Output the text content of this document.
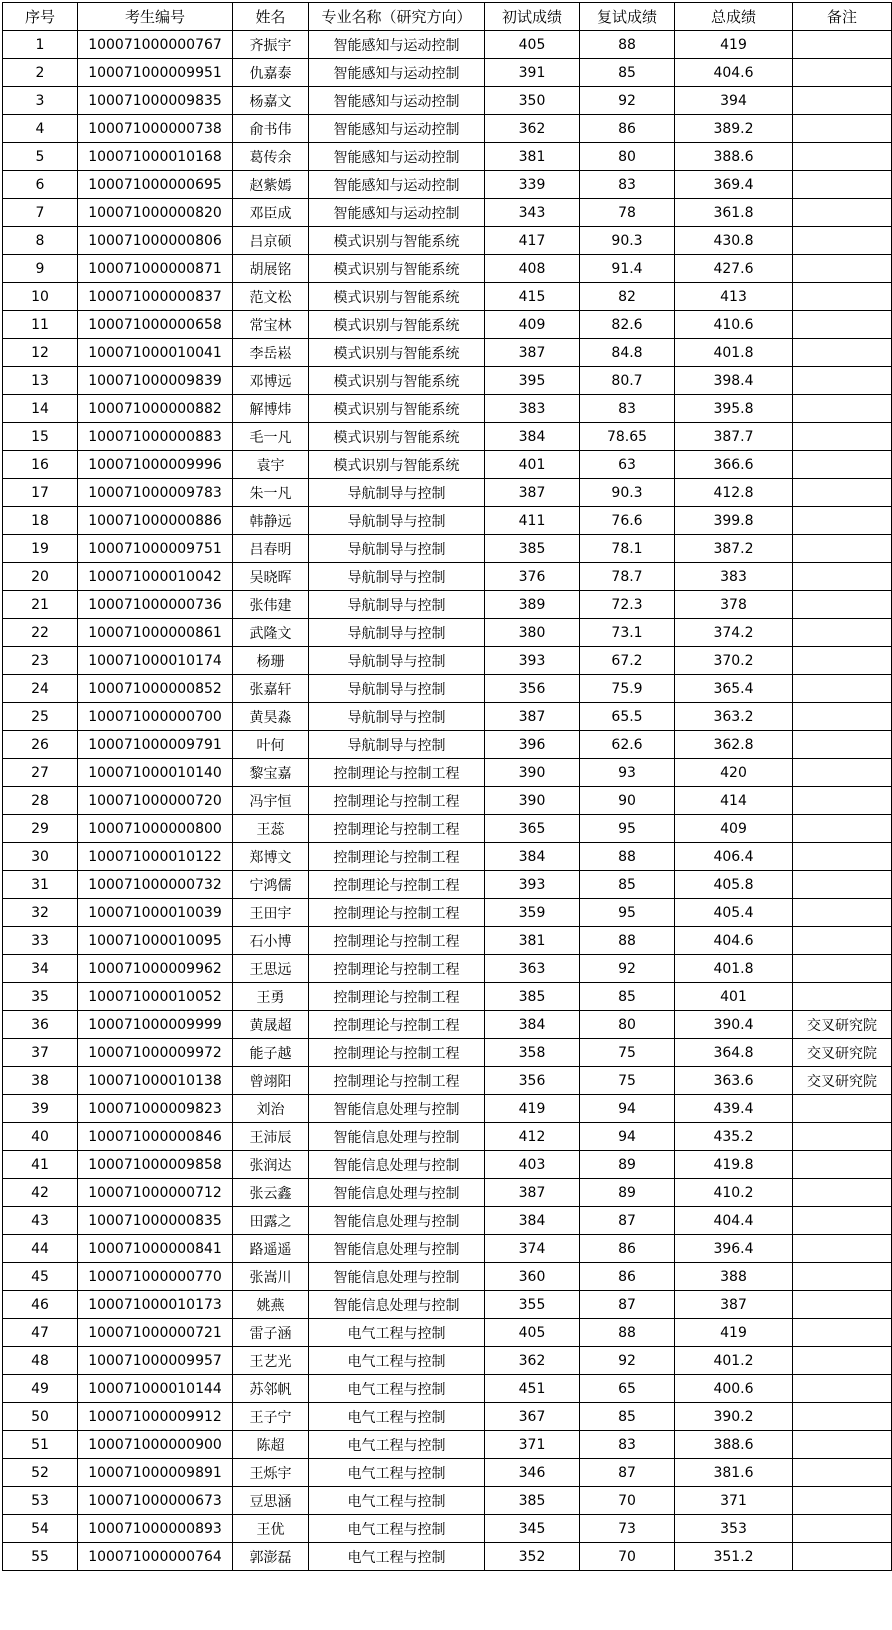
序号	考生编号	姓名	专业名称（研究方向）	初试成绩	复试成绩	总成绩	备注
1	100071000000767	齐振宇	智能感知与运动控制	405	88	419	
2	100071000009951	仇嘉泰	智能感知与运动控制	391	85	404.6	
3	100071000009835	杨嘉文	智能感知与运动控制	350	92	394	
4	100071000000738	俞书伟	智能感知与运动控制	362	86	389.2	
5	100071000010168	葛传余	智能感知与运动控制	381	80	388.6	
6	100071000000695	赵紫嫣	智能感知与运动控制	339	83	369.4	
7	100071000000820	邓臣成	智能感知与运动控制	343	78	361.8	
8	100071000000806	吕京硕	模式识别与智能系统	417	90.3	430.8	
9	100071000000871	胡展铭	模式识别与智能系统	408	91.4	427.6	
10	100071000000837	范文松	模式识别与智能系统	415	82	413	
11	100071000000658	常宝林	模式识别与智能系统	409	82.6	410.6	
12	100071000010041	李岳崧	模式识别与智能系统	387	84.8	401.8	
13	100071000009839	邓博远	模式识别与智能系统	395	80.7	398.4	
14	100071000000882	解博炜	模式识别与智能系统	383	83	395.8	
15	100071000000883	毛一凡	模式识别与智能系统	384	78.65	387.7	
16	100071000009996	袁宇	模式识别与智能系统	401	63	366.6	
17	100071000009783	朱一凡	导航制导与控制	387	90.3	412.8	
18	100071000000886	韩静远	导航制导与控制	411	76.6	399.8	
19	100071000009751	吕春明	导航制导与控制	385	78.1	387.2	
20	100071000010042	吴晓晖	导航制导与控制	376	78.7	383	
21	100071000000736	张伟建	导航制导与控制	389	72.3	378	
22	100071000000861	武隆文	导航制导与控制	380	73.1	374.2	
23	100071000010174	杨珊	导航制导与控制	393	67.2	370.2	
24	100071000000852	张嘉轩	导航制导与控制	356	75.9	365.4	
25	100071000000700	黄昊淼	导航制导与控制	387	65.5	363.2	
26	100071000009791	叶何	导航制导与控制	396	62.6	362.8	
27	100071000010140	黎宝嘉	控制理论与控制工程	390	93	420	
28	100071000000720	冯宇恒	控制理论与控制工程	390	90	414	
29	100071000000800	王蕊	控制理论与控制工程	365	95	409	
30	100071000010122	郑博文	控制理论与控制工程	384	88	406.4	
31	100071000000732	宁鸿儒	控制理论与控制工程	393	85	405.8	
32	100071000010039	王田宇	控制理论与控制工程	359	95	405.4	
33	100071000010095	石小博	控制理论与控制工程	381	88	404.6	
34	100071000009962	王思远	控制理论与控制工程	363	92	401.8	
35	100071000010052	王勇	控制理论与控制工程	385	85	401	
36	100071000009999	黄晟超	控制理论与控制工程	384	80	390.4	交叉研究院
37	100071000009972	能子越	控制理论与控制工程	358	75	364.8	交叉研究院
38	100071000010138	曾翊阳	控制理论与控制工程	356	75	363.6	交叉研究院
39	100071000009823	刘治	智能信息处理与控制	419	94	439.4	
40	100071000000846	王沛辰	智能信息处理与控制	412	94	435.2	
41	100071000009858	张润达	智能信息处理与控制	403	89	419.8	
42	100071000000712	张云鑫	智能信息处理与控制	387	89	410.2	
43	100071000000835	田露之	智能信息处理与控制	384	87	404.4	
44	100071000000841	路遥遥	智能信息处理与控制	374	86	396.4	
45	100071000000770	张嵩川	智能信息处理与控制	360	86	388	
46	100071000010173	姚燕	智能信息处理与控制	355	87	387	
47	100071000000721	雷子涵	电气工程与控制	405	88	419	
48	100071000009957	王艺光	电气工程与控制	362	92	401.2	
49	100071000010144	苏邻帆	电气工程与控制	451	65	400.6	
50	100071000009912	王子宁	电气工程与控制	367	85	390.2	
51	100071000000900	陈超	电气工程与控制	371	83	388.6	
52	100071000009891	王烁宇	电气工程与控制	346	87	381.6	
53	100071000000673	豆思涵	电气工程与控制	385	70	371	
54	100071000000893	王优	电气工程与控制	345	73	353	
55	100071000000764	郭澎磊	电气工程与控制	352	70	351.2	
